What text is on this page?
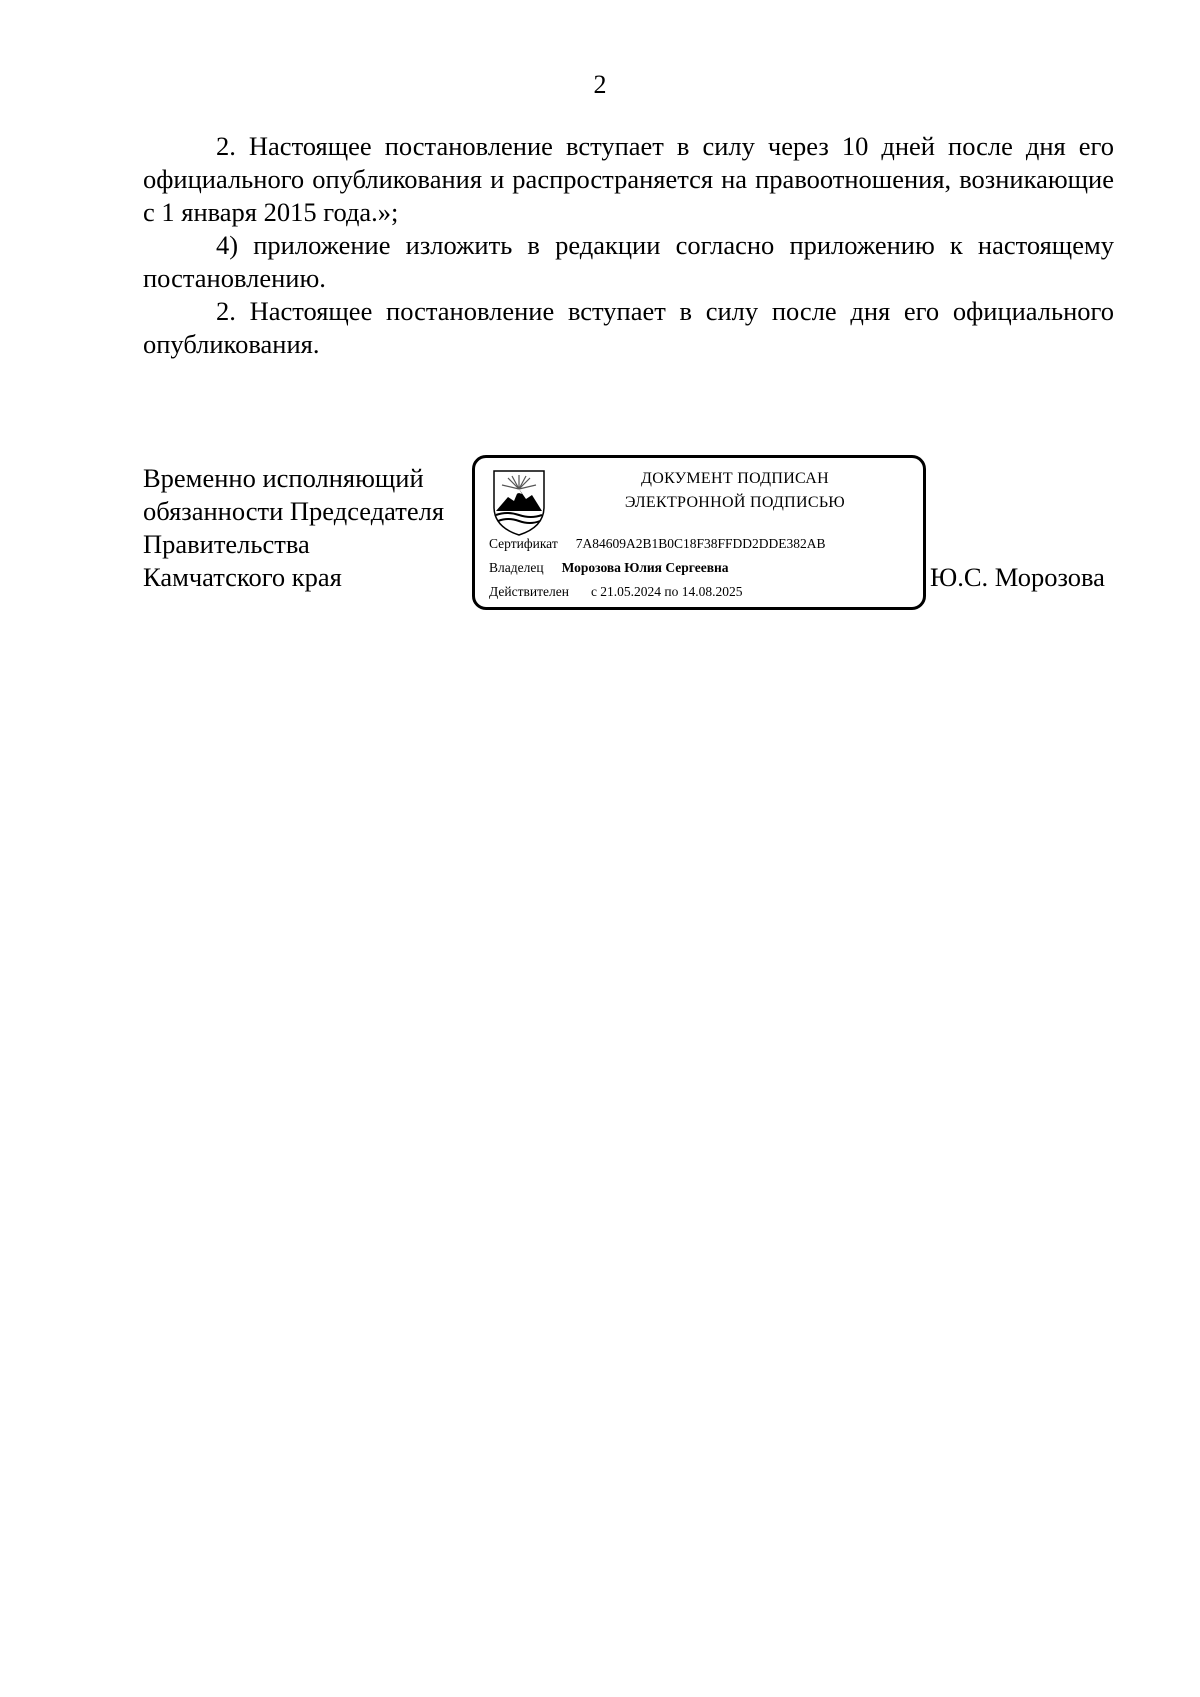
2

2. Настоящее постановление вступает в силу через 10 дней после дня его официального опубликования и распространяется на правоотношения, возникающие с 1 января 2015 года.»;

4) приложение изложить в редакции согласно приложению к настоящему постановлению.

2. Настоящее постановление вступает в силу после дня его официального опубликования.

Временно исполняющий
обязанности Председателя
Правительства
Камчатского края
ДОКУМЕНТ ПОДПИСАН
ЭЛЕКТРОННОЙ ПОДПИСЬЮ
Сертификат 7A84609A2B1B0C18F38FFDD2DDE382AB
Владелец Морозова Юлия Сергеевна
Действителен с 21.05.2024 по 14.08.2025	Ю.С. Морозова
